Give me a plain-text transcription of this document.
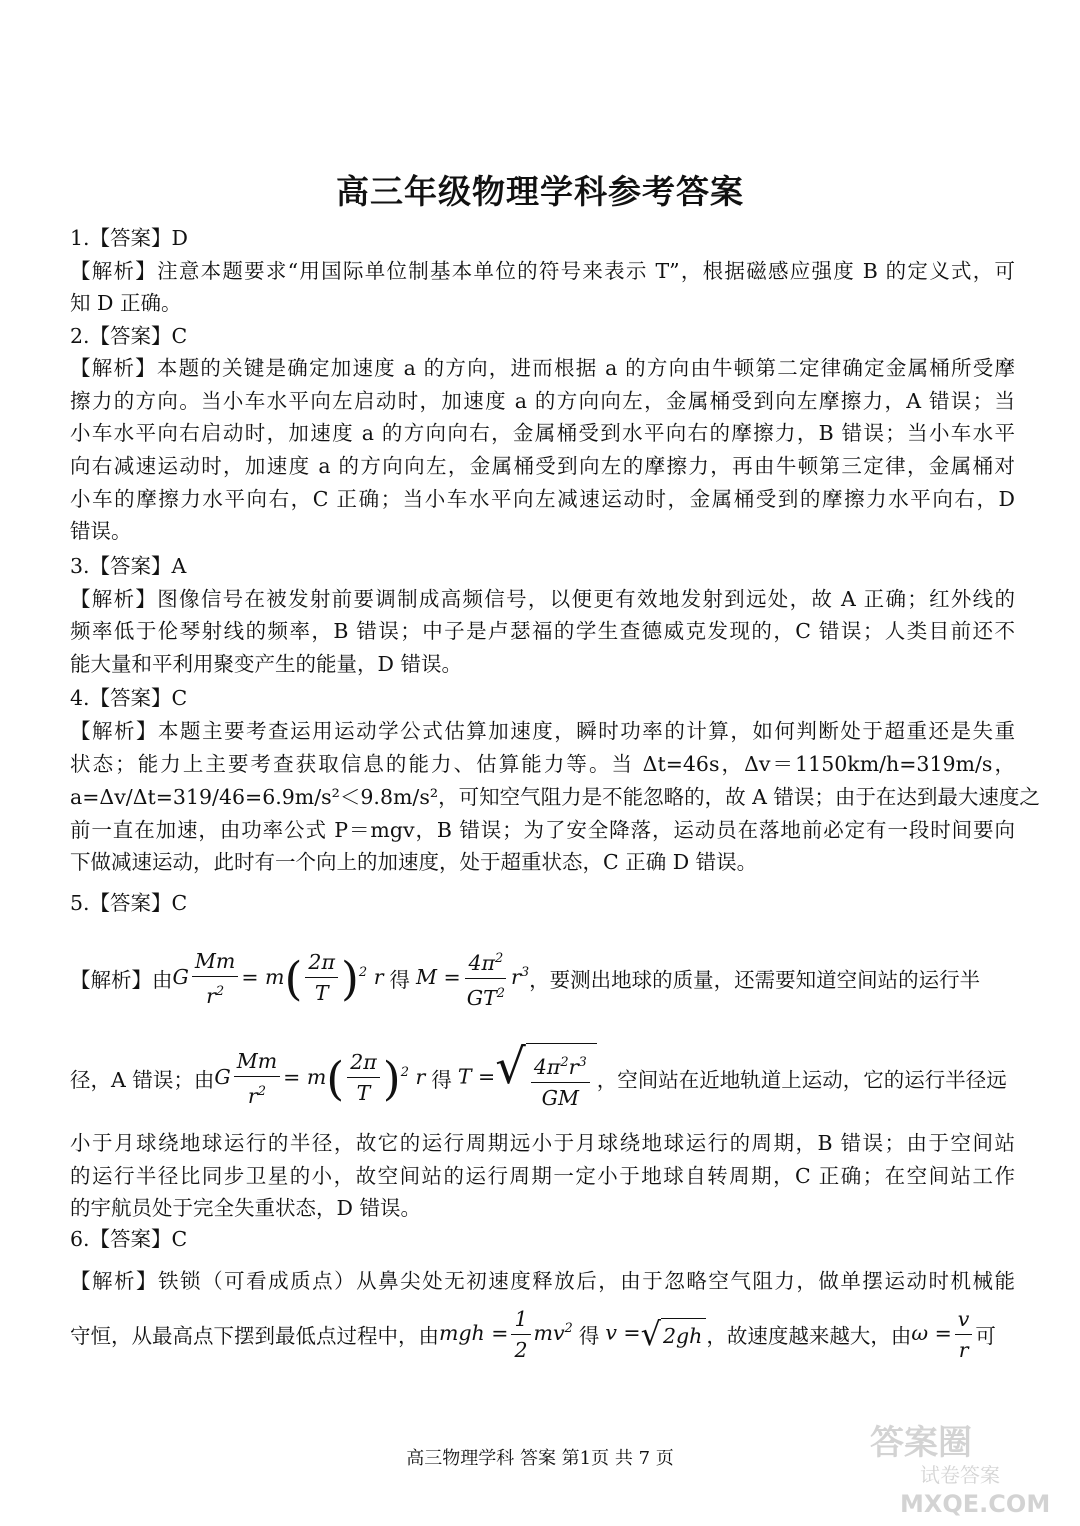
高三年级物理学科参考答案
1.【答案】D
【解析】注意本题要求“用国际单位制基本单位的符号来表示 T”，根据磁感应强度 B 的定义式，可
知 D 正确。
2.【答案】C
【解析】本题的关键是确定加速度 a 的方向，进而根据 a 的方向由牛顿第二定律确定金属桶所受摩
擦力的方向。当小车水平向左启动时，加速度 a 的方向向左，金属桶受到向左摩擦力，A 错误；当
小车水平向右启动时，加速度 a 的方向向右，金属桶受到水平向右的摩擦力，B 错误；当小车水平
向右减速运动时，加速度 a 的方向向左，金属桶受到向左的摩擦力，再由牛顿第三定律，金属桶对
小车的摩擦力水平向右，C 正确；当小车水平向左减速运动时，金属桶受到的摩擦力水平向右，D
错误。
3.【答案】A
【解析】图像信号在被发射前要调制成高频信号，以便更有效地发射到远处，故 A 正确；红外线的
频率低于伦琴射线的频率，B 错误；中子是卢瑟福的学生查德威克发现的，C 错误；人类目前还不
能大量和平利用聚变产生的能量，D 错误。
4.【答案】C
【解析】本题主要考查运用运动学公式估算加速度，瞬时功率的计算，如何判断处于超重还是失重
状态；能力上主要考查获取信息的能力、估算能力等。当 Δt=46s，Δv＝1150km/h=319m/s，
a=Δv/Δt=319/46=6.9m/s²＜9.8m/s²，可知空气阻力是不能忽略的，故 A 错误；由于在达到最大速度之
前一直在加速，由功率公式 P＝mgv，B 错误；为了安全降落，运动员在落地前必定有一段时间要向
下做减速运动，此时有一个向上的加速度，处于超重状态，C 正确 D 错误。
5.【答案】C
【解析】由 G $\frac{Mm}{r^2} = m( \frac{2\pi}{T} )^2$ r 得 $M = \frac{4\pi^2}{GT^2} r^3$ ，要测出地球的质量，还需要知道空间站的运行半
径，A 错误；由 G $\frac{Mm}{r^2} = m( \frac{2\pi}{T} )^2$ r 得 T = √ $\frac{4\pi^2r^3}{GM}$ ，空间站在近地轨道上运动，它的运行半径远
小于月球绕地球运行的半径，故它的运行周期远小于月球绕地球运行的周期，B 错误；由于空间站
的运行半径比同步卫星的小，故空间站的运行周期一定小于地球自转周期，C 正确；在空间站工作
的宇航员处于完全失重状态，D 错误。
6.【答案】C
【解析】铁锁（可看成质点）从鼻尖处无初速度释放后，由于忽略空气阻力，做单摆运动时机械能
守恒，从最高点下摆到最低点过程中，由 mgh = $\frac{1}{2} mv^2$ 得 v = √ 2gh ，故速度越来越大，由 $\omega = \frac{v}{r}$ 可
高三物理学科 答案 第1页 共 7 页	答案圈
试卷答案
MXQE.COM
